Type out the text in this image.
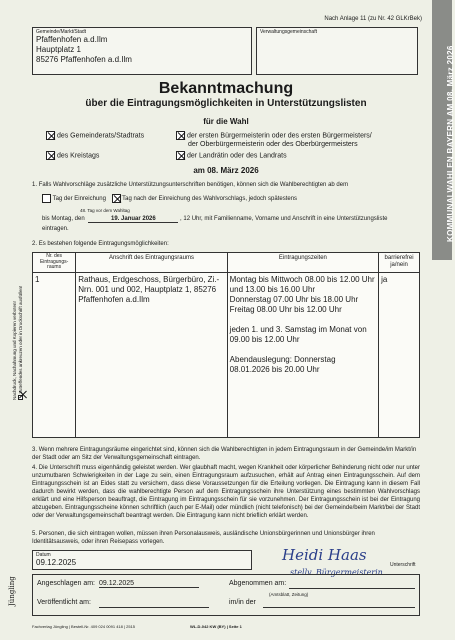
Nach Anlage 11 (zu Nr. 42 GLKrBek)
KOMMUNALWAHLEN BAYERN AM 08. März 2026
Gemeinde/Markt/Stadt
Pfaffenhofen a.d.Ilm
Hauptplatz 1
85276 Pfaffenhofen a.d.Ilm
Verwaltungsgemeinschaft
Bekanntmachung
über die Eintragungsmöglichkeiten in Unterstützungslisten
für die Wahl
des Gemeinderats/Stadtrats
des Kreistags
der ersten Bürgermeisterin oder des ersten Bürgermeisters/
der Oberbürgermeisterin oder des Oberbürgermeisters
der Landrätin oder des Landrats
am 08. März 2026
1. Falls Wahlvorschläge zusätzliche Unterstützungsunterschriften benötigen, können sich die Wahlberechtigten ab dem
Tag der Einreichung	Tag nach der Einreichung des Wahlvorschlags, jedoch spätestens
48. Tag vor dem Wahltag
bis Montag, den	19. Januar 2026	, 12 Uhr, mit Familienname, Vorname und Anschrift in eine Unterstützungsliste
eintragen.
2. Es bestehen folgende Eintragungsmöglichkeiten:
Nachdruck, Nachahmung und Kopieren verboten! Zutreffendes ankreuzen oder in Druckschrift ausfüllen!
Nr. des Eintragungs-raums	Anschrift des Eintragungsraums	Eintragungszeiten	barrierefrei ja/nein
1	Rathaus, Erdgeschoss, Bürgerbüro, Zi.-Nrn. 001 und 002, Hauptplatz 1, 85276 Pfaffenhofen a.d.Ilm	Montag bis Mittwoch 08.00 bis 12.00 Uhr und 13.00 bis 16.00 Uhr
Donnerstag 07.00 Uhr bis 18.00 Uhr
Freitag 08.00 Uhr bis 12.00 Uhr
jeden 1. und 3. Samstag im Monat von 09.00 bis 12.00 Uhr
Abendauslegung: Donnerstag 08.01.2026 bis 20.00 Uhr	ja
3. Wenn mehrere Eintragungsräume eingerichtet sind, können sich die Wahlberechtigten in jedem Eintragungsraum in der Gemeinde/im Markt/in der Stadt oder am Sitz der Verwaltungsgemeinschaft eintragen.
4. Die Unterschrift muss eigenhändig geleistet werden. Wer glaubhaft macht, wegen Krankheit oder körperlicher Behinderung nicht oder nur unter unzumutbaren Schwierigkeiten in der Lage zu sein, einen Eintragungsraum aufzusuchen, erhält auf Antrag einen Eintragungsschein. Auf dem Eintragungsschein ist an Eides statt zu versichern, dass diese Voraussetzungen für die Erteilung vorliegen. Die Eintragung kann in diesem Fall dadurch bewirkt werden, dass die wahlberechtigte Person auf dem Eintragungsschein ihre Unterstützung eines bestimmten Wahlvorschlags erklärt und eine Hilfsperson beauftragt, die Eintragung im Eintragungsschein für sie vorzunehmen. Der Eintragungsschein ist bei der Eintragung abzugeben. Eintragungsscheine können schriftlich (auch per E-Mail) oder mündlich (nicht telefonisch) bei der Gemeinde/beim Markt/bei der Stadt oder der Verwaltungsgemeinschaft beantragt werden. Die Eintragung kann nicht brieflich erklärt werden.
5. Personen, die sich eintragen wollen, müssen ihren Personalausweis, ausländische Unionsbürgerinnen und Unionsbürger ihren Identitätsausweis, oder ihren Reisepass vorlegen.
Datum
09.12.2025	Heidi Haas
Unterschrift
stellv. Bürgermeisterin
Angeschlagen am: 09.12.2025	Abgenommen am:
Veröffentlicht am:
(Amtsblatt, Zeitung)
im/in der
Jüngling
Fachverlag Jüngling | Bestell-Nr. 409 024 0091 418 | 2515	WL-D-042 KW (BY) | Seite 1
